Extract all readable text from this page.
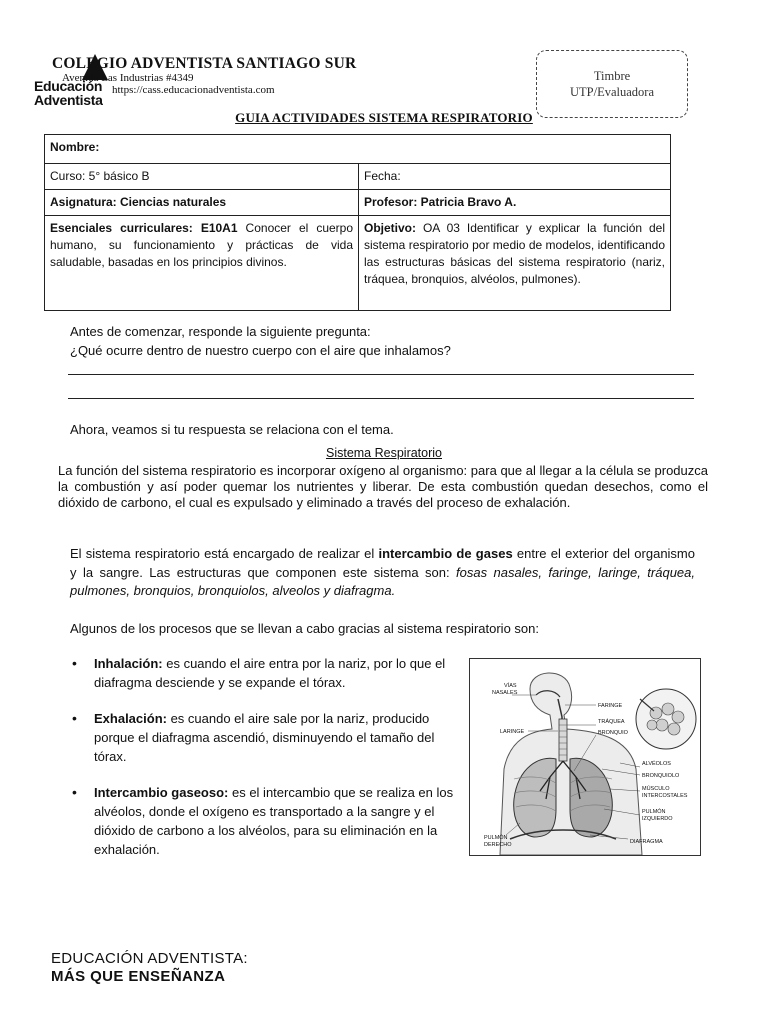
Educación
Adventista
COLEGIO ADVENTISTA SANTIAGO SUR
Avenida Las Industrias #4349
https://cass.educacionadventista.com
Timbre
UTP/Evaluadora
GUIA ACTIVIDADES SISTEMA RESPIRATORIO
Nombre:	
Curso: 5° básico B	Fecha:
Asignatura: Ciencias naturales	Profesor: Patricia Bravo A.
Esenciales curriculares: E10A1 Conocer el cuerpo humano, su funcionamiento y prácticas de vida saludable, basadas en los principios divinos.	Objetivo: OA 03 Identificar y explicar la función del sistema respiratorio por medio de modelos, identificando las estructuras básicas del sistema respiratorio (nariz, tráquea, bronquios, alvéolos, pulmones).
Antes de comenzar, responde la siguiente pregunta:
¿Qué ocurre dentro de nuestro cuerpo con el aire que inhalamos?
Ahora, veamos si tu respuesta se relaciona con el tema.
Sistema Respiratorio
La función del sistema respiratorio es incorporar oxígeno al organismo: para que al llegar a la célula se produzca la combustión y así poder quemar los nutrientes y liberar. De esta combustión quedan desechos, como el dióxido de carbono, el cual es expulsado y eliminado a través del proceso de exhalación.
El sistema respiratorio está encargado de realizar el intercambio de gases entre el exterior del organismo y la sangre. Las estructuras que componen este sistema son: fosas nasales, faringe, laringe, tráquea, pulmones, bronquios, bronquiolos, alveolos y diafragma.
Algunos de los procesos que se llevan a cabo gracias al sistema respiratorio son:
• Inhalación: es cuando el aire entra por la nariz, por lo que el diafragma desciende y se expande el tórax.
• Exhalación: es cuando el aire sale por la nariz, producido porque el diafragma ascendió, disminuyendo el tamaño del tórax.
• Intercambio gaseoso: es el intercambio que se realiza en los alvéolos, donde el oxígeno es transportado a la sangre y el dióxido de carbono a los alvéolos, para su eliminación en la exhalación.
VÍAS
NASALES
LARINGE
FARINGE
TRÁQUEA
BRONQUIO
ALVÉOLOS
BRONQUIOLO
MÚSCULO
INTERCOSTALES
PULMÓN
IZQUIERDO
PULMÓN
DERECHO	DIAFRAGMA
EDUCACIÓN ADVENTISTA:
MÁS QUE ENSEÑANZA
